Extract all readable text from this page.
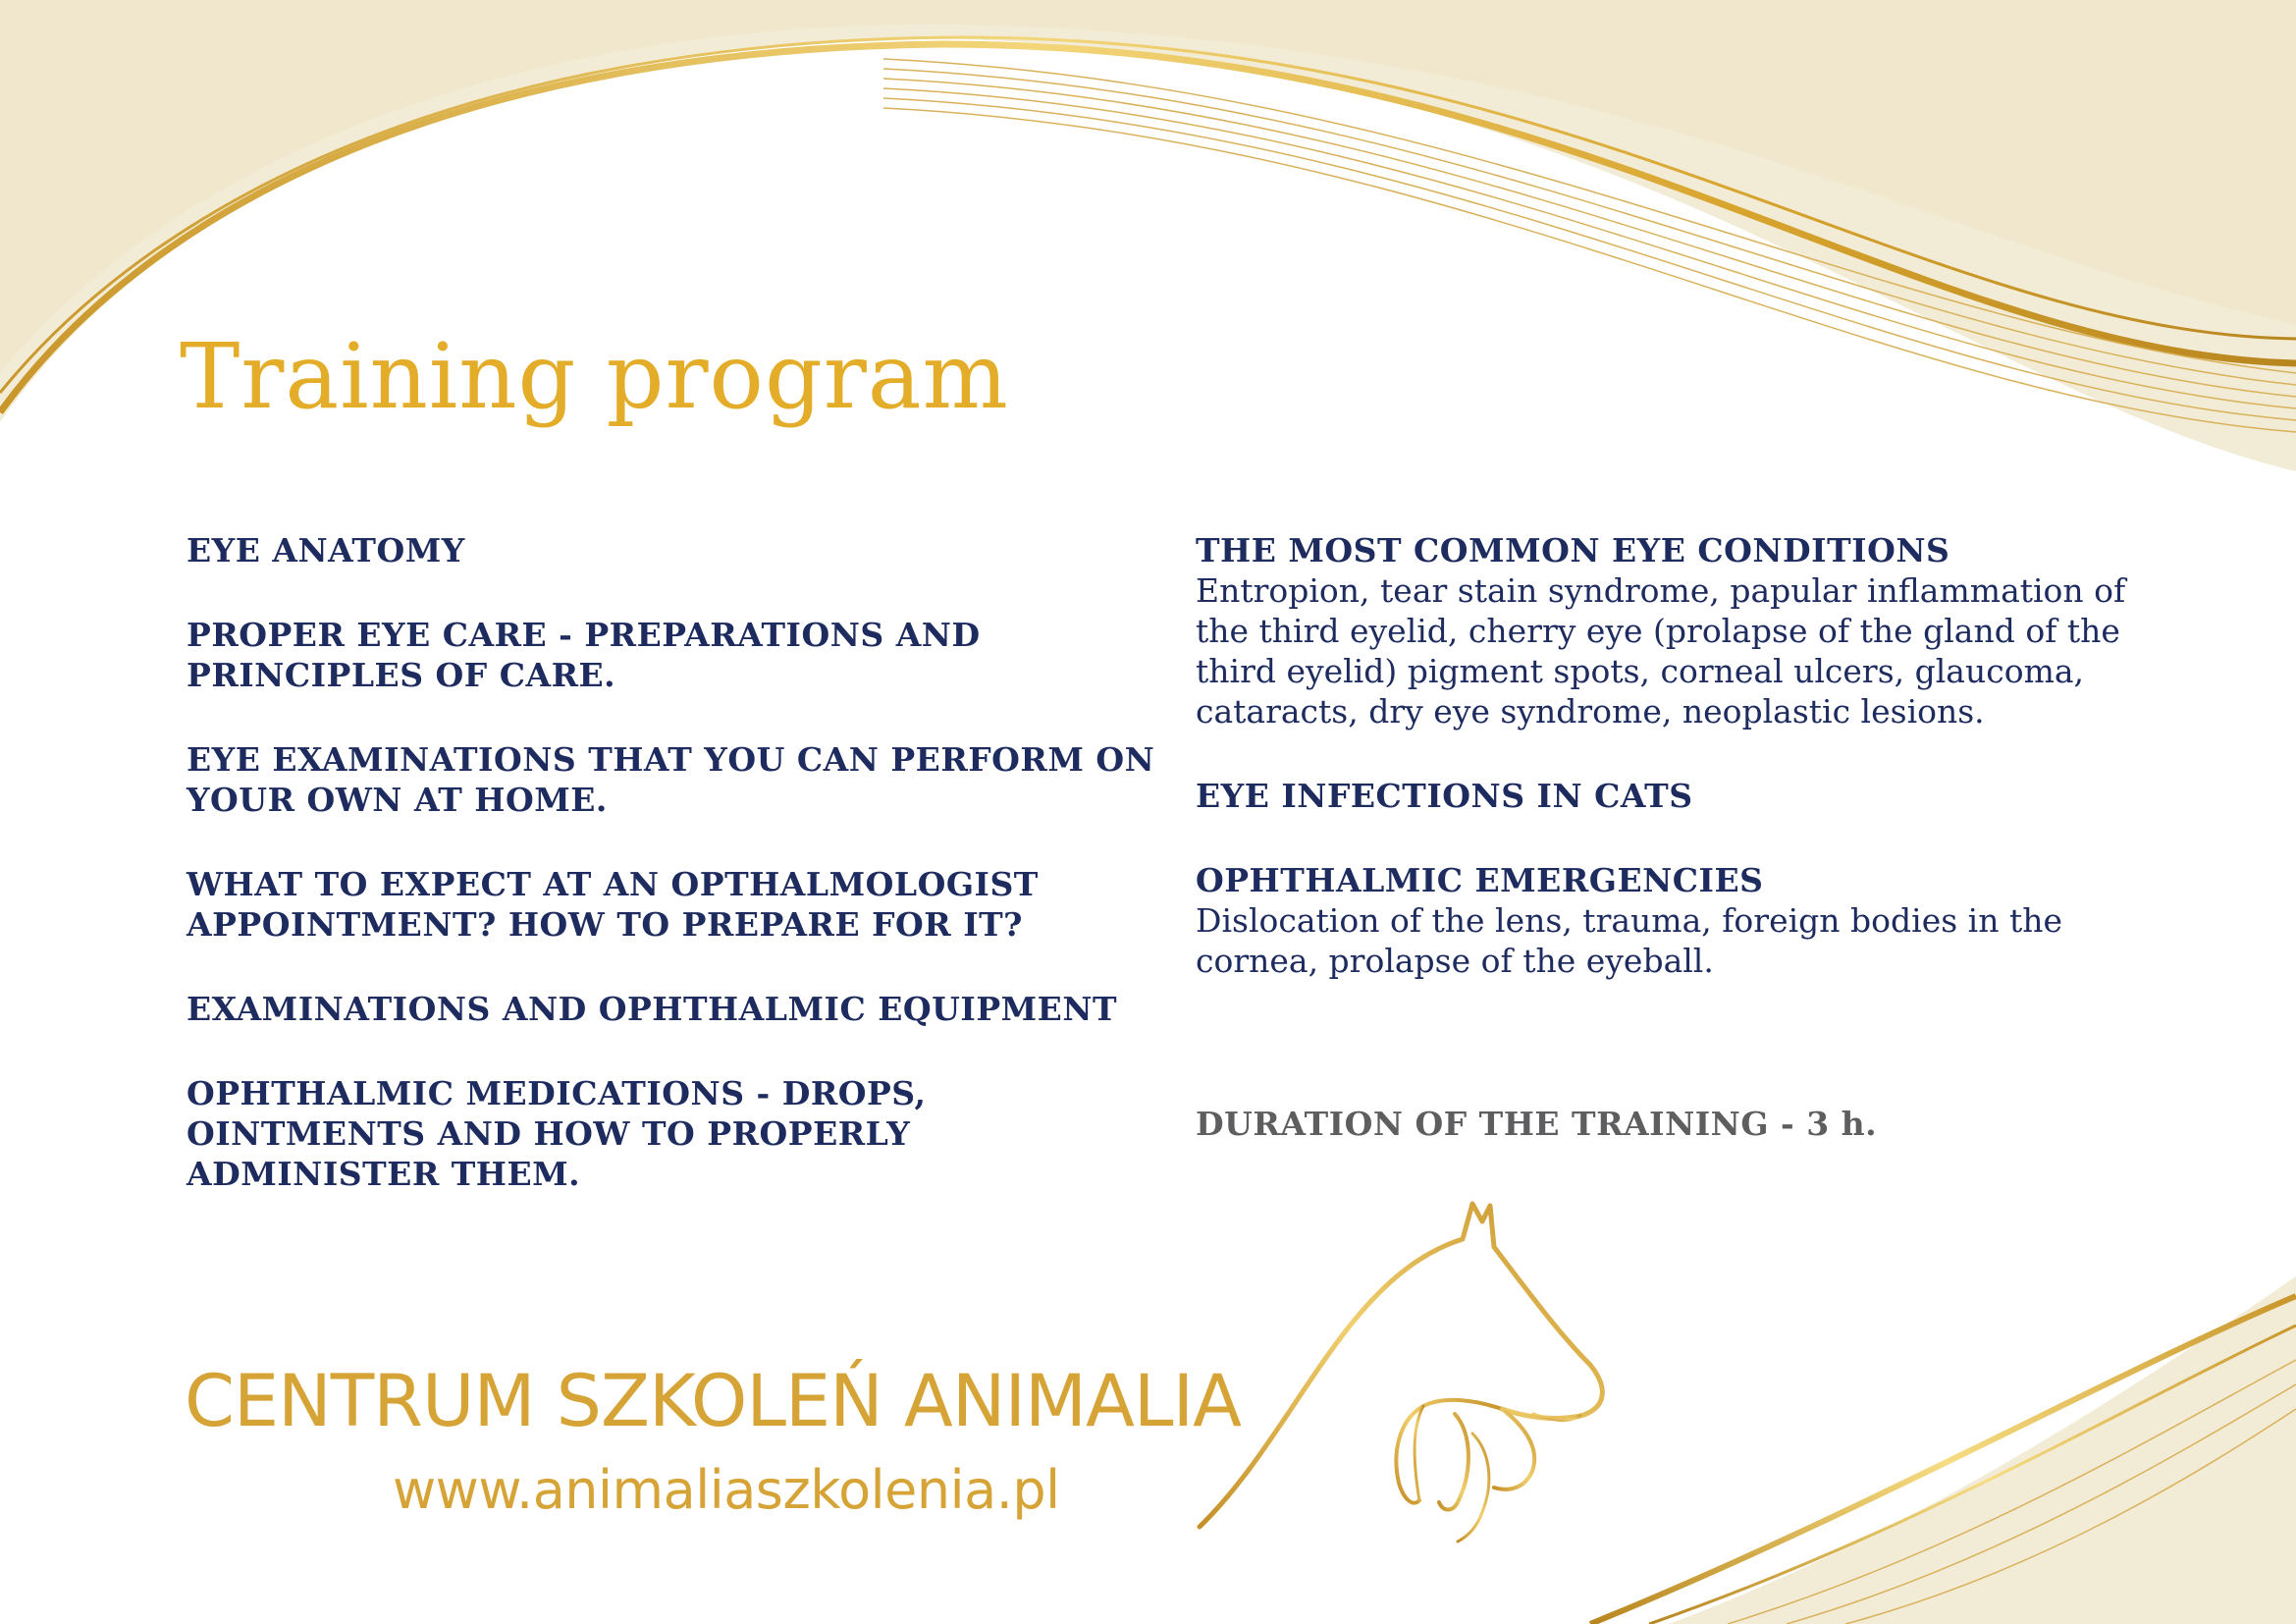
Training program

EYE ANATOMY

PROPER EYE CARE - PREPARATIONS AND PRINCIPLES OF CARE.

EYE EXAMINATIONS THAT YOU CAN PERFORM ON YOUR OWN AT HOME.

WHAT TO EXPECT AT AN OPTHALMOLOGIST APPOINTMENT? HOW TO PREPARE FOR IT?

EXAMINATIONS AND OPHTHALMIC EQUIPMENT

OPHTHALMIC MEDICATIONS - DROPS, OINTMENTS AND HOW TO PROPERLY ADMINISTER THEM.

THE MOST COMMON EYE CONDITIONS

Entropion, tear stain syndrome, papular inflammation of the third eyelid, cherry eye (prolapse of the gland of the third eyelid) pigment spots, corneal ulcers, glaucoma, cataracts, dry eye syndrome, neoplastic lesions.

EYE INFECTIONS IN CATS

OPHTHALMIC EMERGENCIES

Dislocation of the lens, trauma, foreign bodies in the cornea, prolapse of the eyeball.

DURATION OF THE TRAINING - 3 h.

CENTRUM SZKOLEŃ ANIMALIA

www.animaliaszkolenia.pl
